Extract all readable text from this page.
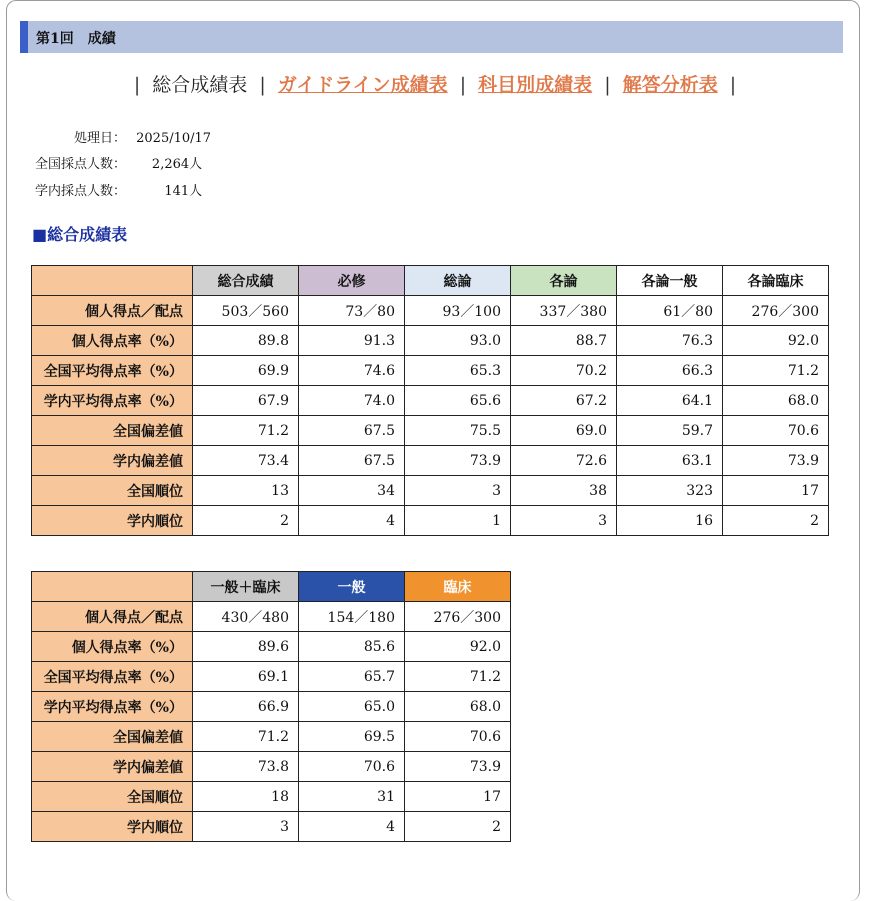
第1回　成績
| 総合成績表 | ガイドライン成績表 | 科目別成績表 | 解答分析表 |
処理日： 2025/10/17
全国採点人数： 2,264人
学内採点人数：	141人
■総合成績表
	総合成績	必修	総論	各論	各論一般	各論臨床
個人得点／配点	503／560	73／80	93／100	337／380	61／80	276／300
個人得点率（%）	89.8	91.3	93.0	88.7	76.3	92.0
全国平均得点率（%）	69.9	74.6	65.3	70.2	66.3	71.2
学内平均得点率（%）	67.9	74.0	65.6	67.2	64.1	68.0
全国偏差値	71.2	67.5	75.5	69.0	59.7	70.6
学内偏差値	73.4	67.5	73.9	72.6	63.1	73.9
全国順位	13	34	3	38	323	17
学内順位	2	4	1	3	16	2
	一般＋臨床	一般	臨床
個人得点／配点	430／480	154／180	276／300
個人得点率（%）	89.6	85.6	92.0
全国平均得点率（%）	69.1	65.7	71.2
学内平均得点率（%）	66.9	65.0	68.0
全国偏差値	71.2	69.5	70.6
学内偏差値	73.8	70.6	73.9
全国順位	18	31	17
学内順位	3	4	2
